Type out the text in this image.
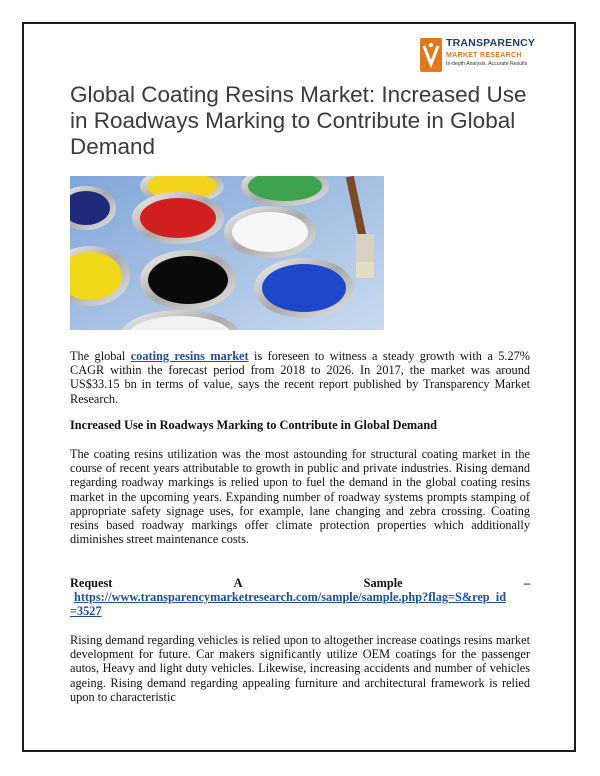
TRANSPARENCY
MARKET RESEARCH
In-depth Analysis. Accurate Results
Global Coating Resins Market: Increased Use in Roadways Marking to Contribute in Global Demand

The global coating resins market is foreseen to witness a steady growth with a 5.27% CAGR within the forecast period from 2018 to 2026. In 2017, the market was around US$33.15 bn in terms of value, says the recent report published by Transparency Market Research.

Increased Use in Roadways Marking to Contribute in Global Demand

The coating resins utilization was the most astounding for structural coating market in the course of recent years attributable to growth in public and private industries. Rising demand regarding roadway markings is relied upon to fuel the demand in the global coating resins market in the upcoming years. Expanding number of roadway systems prompts stamping of appropriate safety signage uses, for example, lane changing and zebra crossing. Coating resins based roadway markings offer climate protection properties which additionally diminishes street maintenance costs.

Request	A	Sample	–
https://www.transparencymarketresearch.com/sample/sample.php?flag=S&rep_id
=3527

Rising demand regarding vehicles is relied upon to altogether increase coatings resins market development for future. Car makers significantly utilize OEM coatings for the passenger autos, Heavy and light duty vehicles. Likewise, increasing accidents and number of vehicles ageing. Rising demand regarding appealing furniture and architectural framework is relied upon to characteristic
